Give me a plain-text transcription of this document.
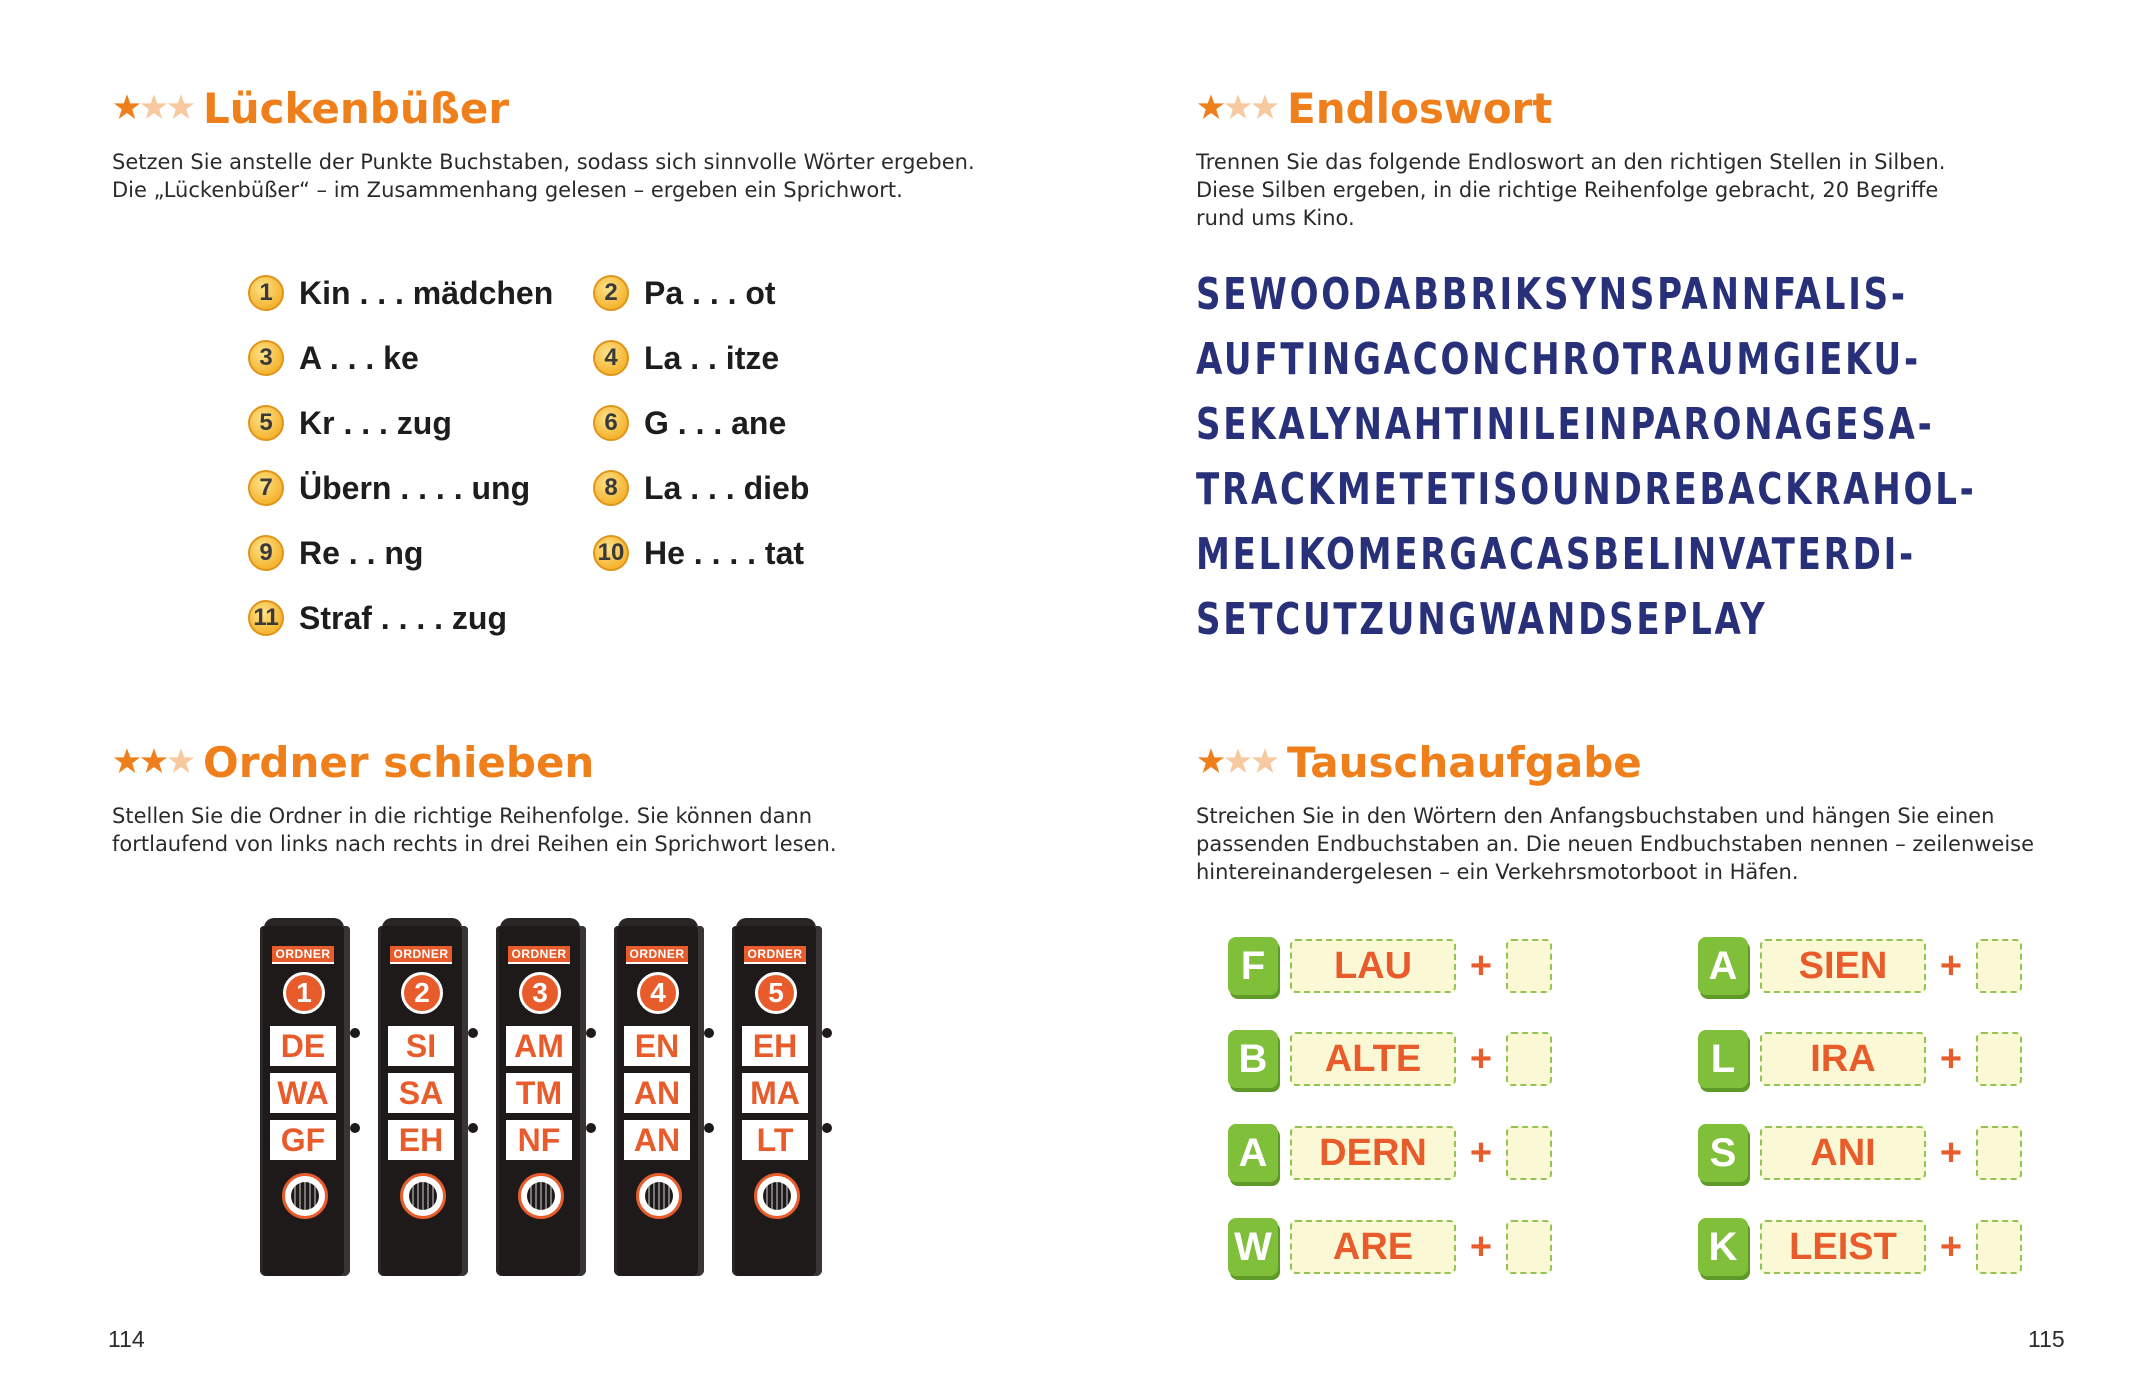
Lückenbüßer
Setzen Sie anstelle der Punkte Buchstaben, sodass sich sinnvolle Wörter ergeben.
Die „Lückenbüßer“ – im Zusammenhang gelesen – ergeben ein Sprichwort.
1 Kin . . . mädchen	2 Pa . . . ot
3 A . . . ke	4 La . . itze
5 Kr . . . zug	6 G . . . ane
7 Übern . . . . ung	8 La . . . dieb
9 Re . . ng	10 He . . . . tat
11 Straf . . . . zug
Endloswort
Trennen Sie das folgende Endloswort an den richtigen Stellen in Silben.
Diese Silben ergeben, in die richtige Reihenfolge gebracht, 20 Begriffe
rund ums Kino.
SEWOODABBRIKSYNSPANNFALIS-
AUFTINGACONCHROTRAUMGIEKU-
SEKALYNAHTINILEINPARONAGESA-
TRACKMETETISOUNDREBACKRAHOL-
MELIKOMERGACASBELINVATERDI-
SETCUTZUNGWANDSEPLAY
Ordner schieben
Stellen Sie die Ordner in die richtige Reihenfolge. Sie können dann
fortlaufend von links nach rechts in drei Reihen ein Sprichwort lesen.
ORDNER
1
DE
WA
GF
ORDNER
2
SI
SA
EH
ORDNER
3
AM
TM
NF
ORDNER
4
EN
AN
AN
ORDNER
5
EH
MA
LT
Tauschaufgabe
Streichen Sie in den Wörtern den Anfangsbuchstaben und hängen Sie einen
passenden Endbuchstaben an. Die neuen Endbuchstaben nennen – zeilenweise
hintereinandergelesen – ein Verkehrsmotorboot in Häfen.
F	LAU	+
B	ALTE	+
A	DERN	+
W	ARE	+
A	SIEN	+
L	IRA	+
S	ANI	+
K	LEIST	+
114	115
